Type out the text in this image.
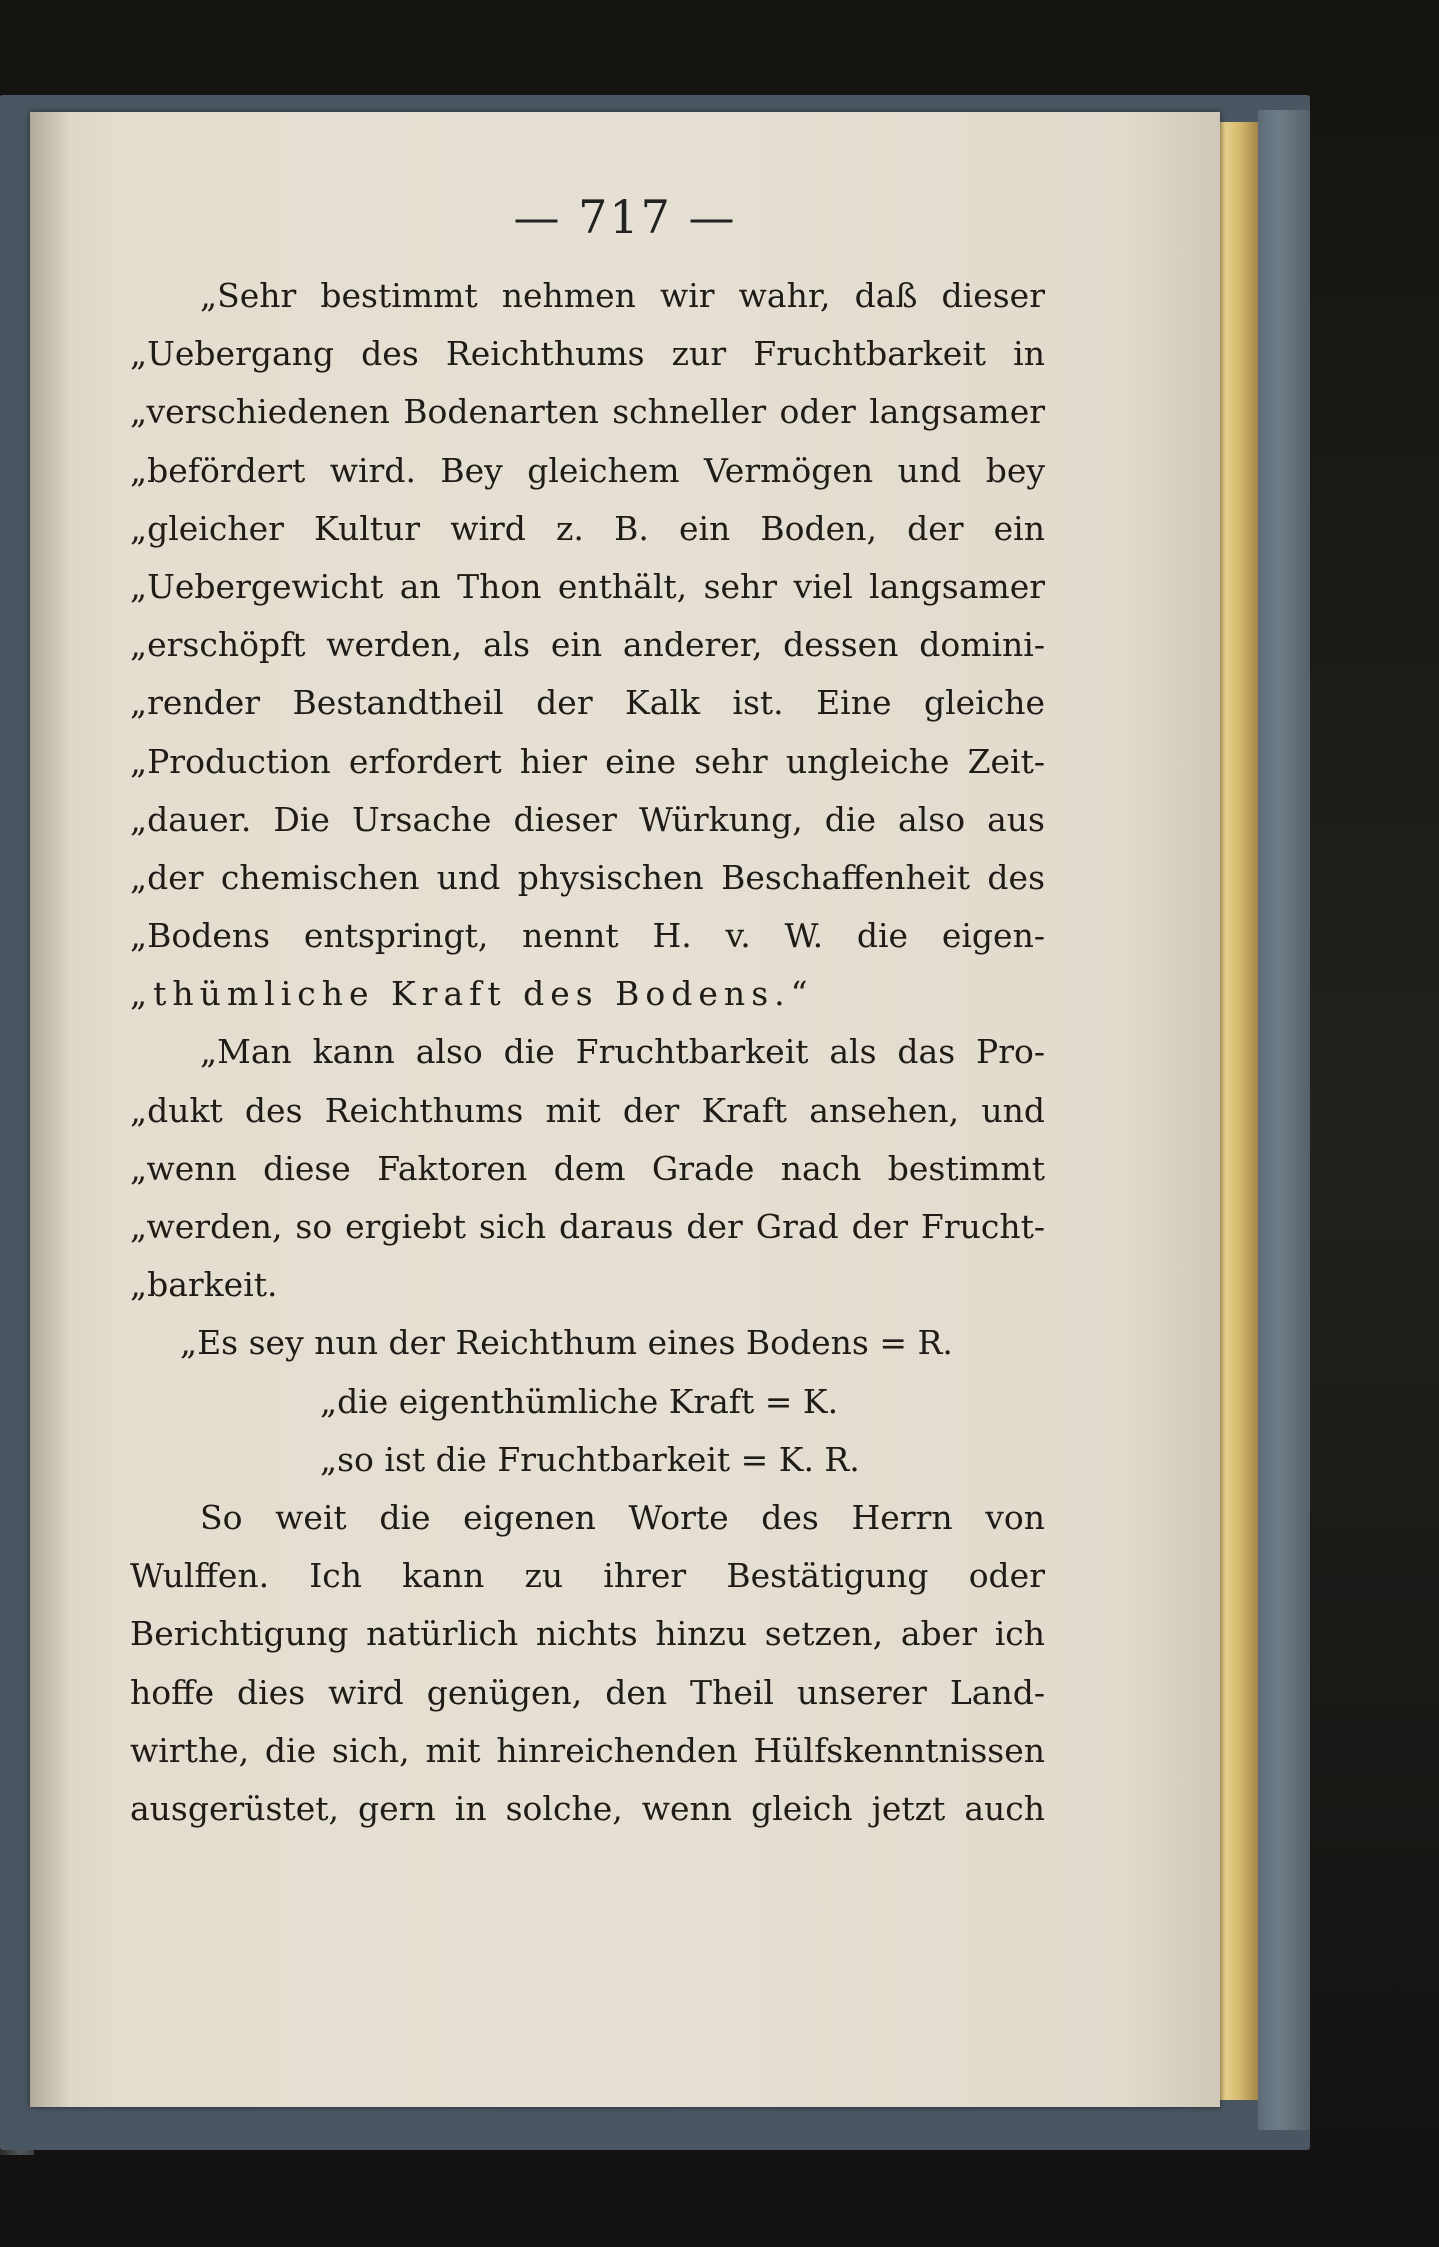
— 717 —
„Sehr bestimmt nehmen wir wahr, daß dieser
„Uebergang des Reichthums zur Fruchtbarkeit in
„verschiedenen Bodenarten schneller oder langsamer
„befördert wird. Bey gleichem Vermögen und bey
„gleicher Kultur wird z. B. ein Boden, der ein
„Uebergewicht an Thon enthält, sehr viel langsamer
„erschöpft werden, als ein anderer, dessen domini-
„render Bestandtheil der Kalk ist. Eine gleiche
„Production erfordert hier eine sehr ungleiche Zeit-
„dauer. Die Ursache dieser Würkung, die also aus
„der chemischen und physischen Beschaffenheit des
„Bodens entspringt, nennt H. v. W. die eigen-
„thümliche Kraft des Bodens.“
„Man kann also die Fruchtbarkeit als das Pro-
„dukt des Reichthums mit der Kraft ansehen, und
„wenn diese Faktoren dem Grade nach bestimmt
„werden, so ergiebt sich daraus der Grad der Frucht-
„barkeit.
„Es sey nun der Reichthum eines Bodens = R.
„die eigenthümliche Kraft = K.
„so ist die Fruchtbarkeit = K. R.
So weit die eigenen Worte des Herrn von
Wulffen. Ich kann zu ihrer Bestätigung oder
Berichtigung natürlich nichts hinzu setzen, aber ich
hoffe dies wird genügen, den Theil unserer Land-
wirthe, die sich, mit hinreichenden Hülfskenntnissen
ausgerüstet, gern in solche, wenn gleich jetzt auch
